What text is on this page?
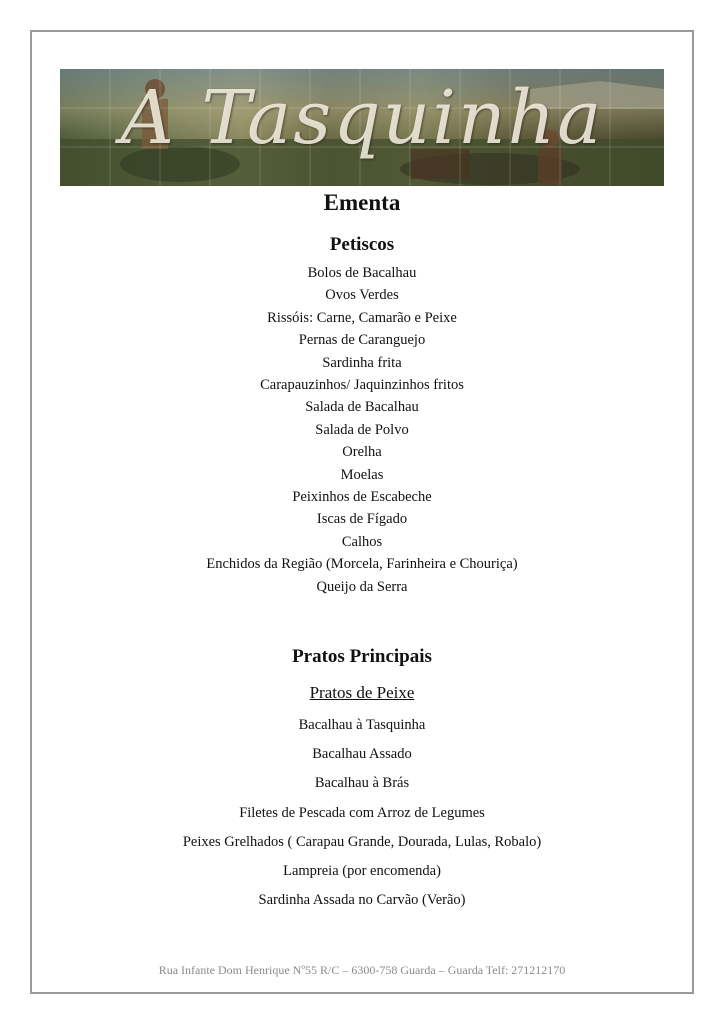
A Tasquinha
Ementa
Petiscos
Bolos de Bacalhau
Ovos Verdes
Rissóis: Carne, Camarão e Peixe
Pernas de Caranguejo
Sardinha frita
Carapauzinhos/ Jaquinzinhos fritos
Salada de Bacalhau
Salada de Polvo
Orelha
Moelas
Peixinhos de Escabeche
Iscas de Fígado
Calhos
Enchidos da Região (Morcela, Farinheira e Chouriça)
Queijo da Serra
Pratos Principais
Pratos de Peixe
Bacalhau à Tasquinha
Bacalhau Assado
Bacalhau à Brás
Filetes de Pescada com Arroz de Legumes
Peixes Grelhados ( Carapau Grande, Dourada, Lulas, Robalo)
Lampreia (por encomenda)
Sardinha Assada no Carvão (Verão)

Rua Infante Dom Henrique Nº55 R/C – 6300-758 Guarda – Guarda Telf: 271212170
